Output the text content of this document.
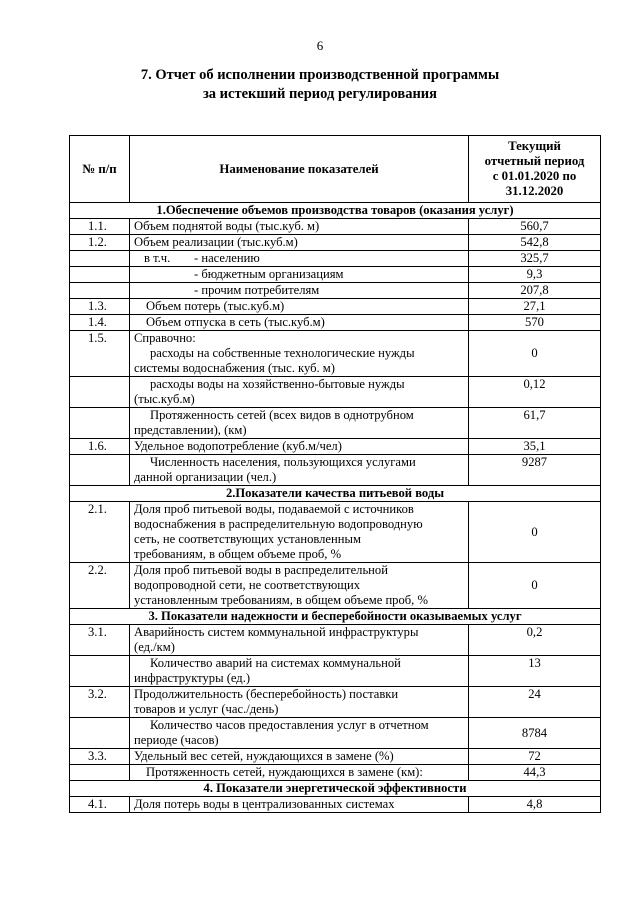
6
7. Отчет об исполнении производственной программы
за истекший период регулирования
№ п/п	Наименование показателей	Текущий
отчетный период
с 01.01.2020 по
31.12.2020

1.Обеспечение объемов производства товаров (оказания услуг)		
1.1.	Объем поднятой воды (тыс.куб. м)	560,7
1.2.	Объем реализации (тыс.куб.м)	542,8
	в т.ч. - населению	325,7
	- бюджетным организациям	9,3
	- прочим потребителям	207,8
1.3.	Объем потерь (тыс.куб.м)	27,1
1.4.	Объем отпуска в сеть (тыс.куб.м)	570
1.5.	Справочно:
расходы на собственные технологические нужды
системы водоснабжения (тыс. куб. м)	0

	расходы воды на хозяйственно-бытовые нужды
(тыс.куб.м)	0,12

	Протяженность сетей (всех видов в однотрубном
представлении), (км)	61,7
1.6.	Удельное водопотребление (куб.м/чел)	35,1

	Численность населения, пользующихся услугами
данной организации (чел.)	9287
2.Показатели качества питьевой воды		
2.1.	Доля проб питьевой воды, подаваемой с источников
водоснабжения в распределительную водопроводную
сеть, не соответствующих установленным
требованиям, в общем объеме проб, %	0
2.2.	Доля проб питьевой воды в распределительной
водопроводной сети, не соответствующих
установленным требованиям, в общем объеме проб, %	0
3. Показатели надежности и бесперебойности оказываемых услуг		
3.1.	Аварийность систем коммунальной инфраструктуры
(ед./км)	0,2

	Количество аварий на системах коммунальной
инфраструктуры (ед.)	13
3.2.	Продолжительность (бесперебойность) поставки
товаров и услуг (час./день)	24

	Количество часов предоставления услуг в отчетном
периоде (часов)	8784
3.3.	Удельный вес сетей, нуждающихся в замене (%)	72
	Протяженность сетей, нуждающихся в замене (км):	44,3
4. Показатели энергетической эффективности		
4.1.	Доля потерь воды в централизованных системах	4,8
